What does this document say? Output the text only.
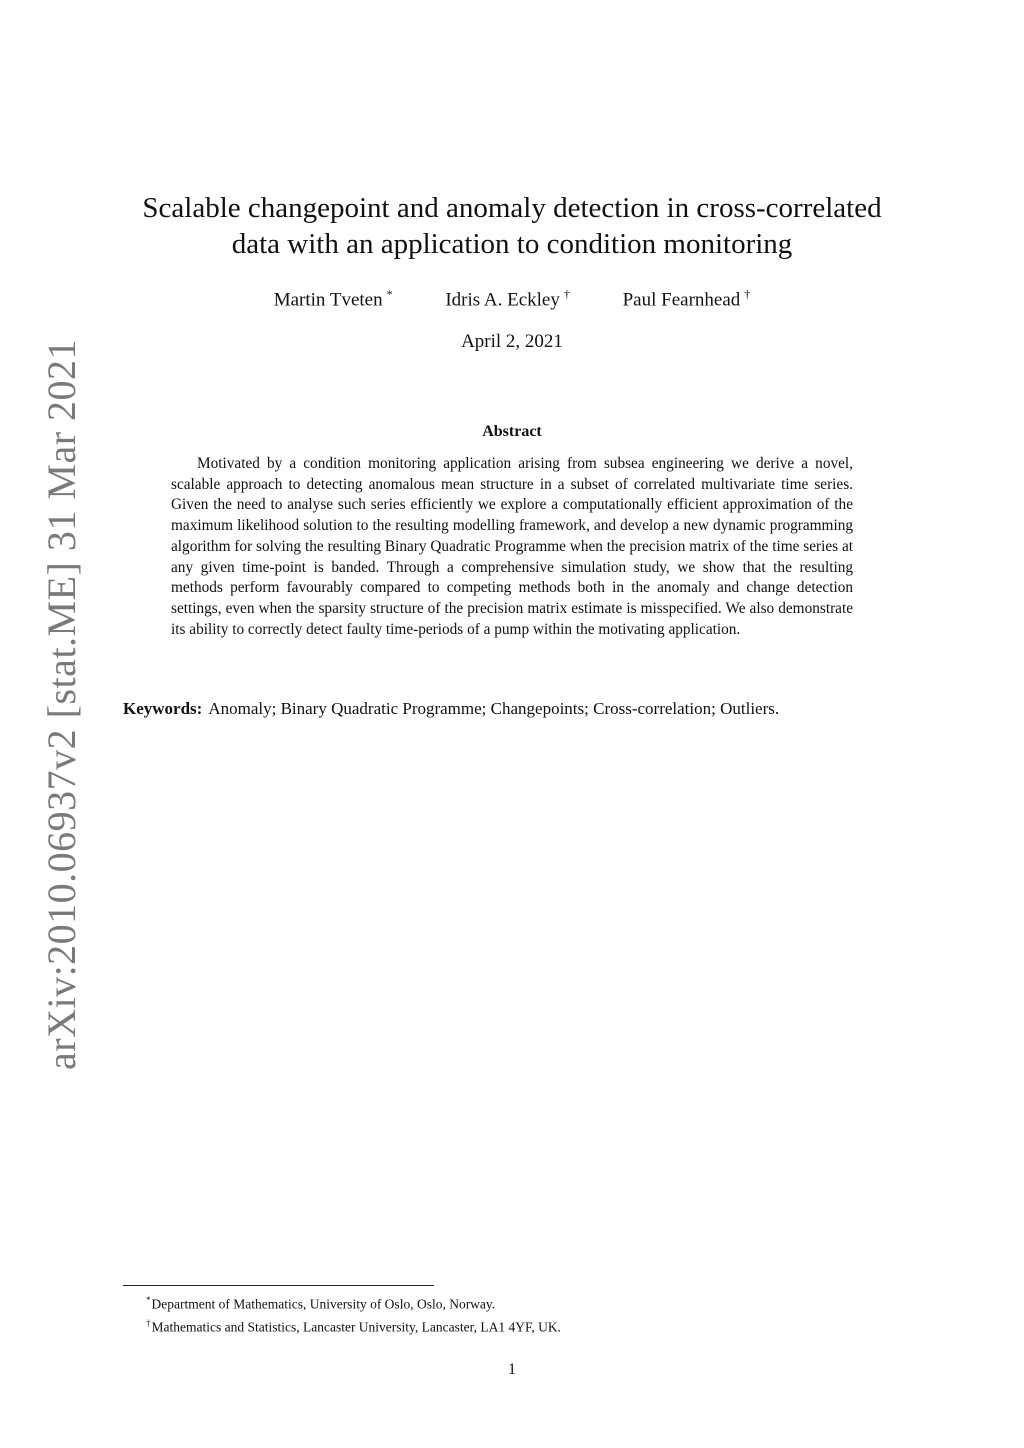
arXiv:2010.06937v2 [stat.ME] 31 Mar 2021
Scalable changepoint and anomaly detection in cross-correlated
data with an application to condition monitoring
Martin Tveten *	Idris A. Eckley †	Paul Fearnhead †
April 2, 2021
Abstract

Motivated by a condition monitoring application arising from subsea engineering we derive a novel, scalable approach to detecting anomalous mean structure in a subset of correlated multivariate time series. Given the need to analyse such series efficiently we explore a computationally efficient approximation of the maximum likelihood solution to the resulting modelling framework, and develop a new dynamic programming algorithm for solving the resulting Binary Quadratic Programme when the precision matrix of the time series at any given time-point is banded. Through a comprehensive simulation study, we show that the resulting methods perform favourably compared to competing methods both in the anomaly and change detection settings, even when the sparsity structure of the precision matrix estimate is misspecified. We also demonstrate its ability to correctly detect faulty time-periods of a pump within the motivating application.

Keywords: Anomaly; Binary Quadratic Programme; Changepoints; Cross-correlation; Outliers.

*Department of Mathematics, University of Oslo, Oslo, Norway.
†Mathematics and Statistics, Lancaster University, Lancaster, LA1 4YF, UK.
1
